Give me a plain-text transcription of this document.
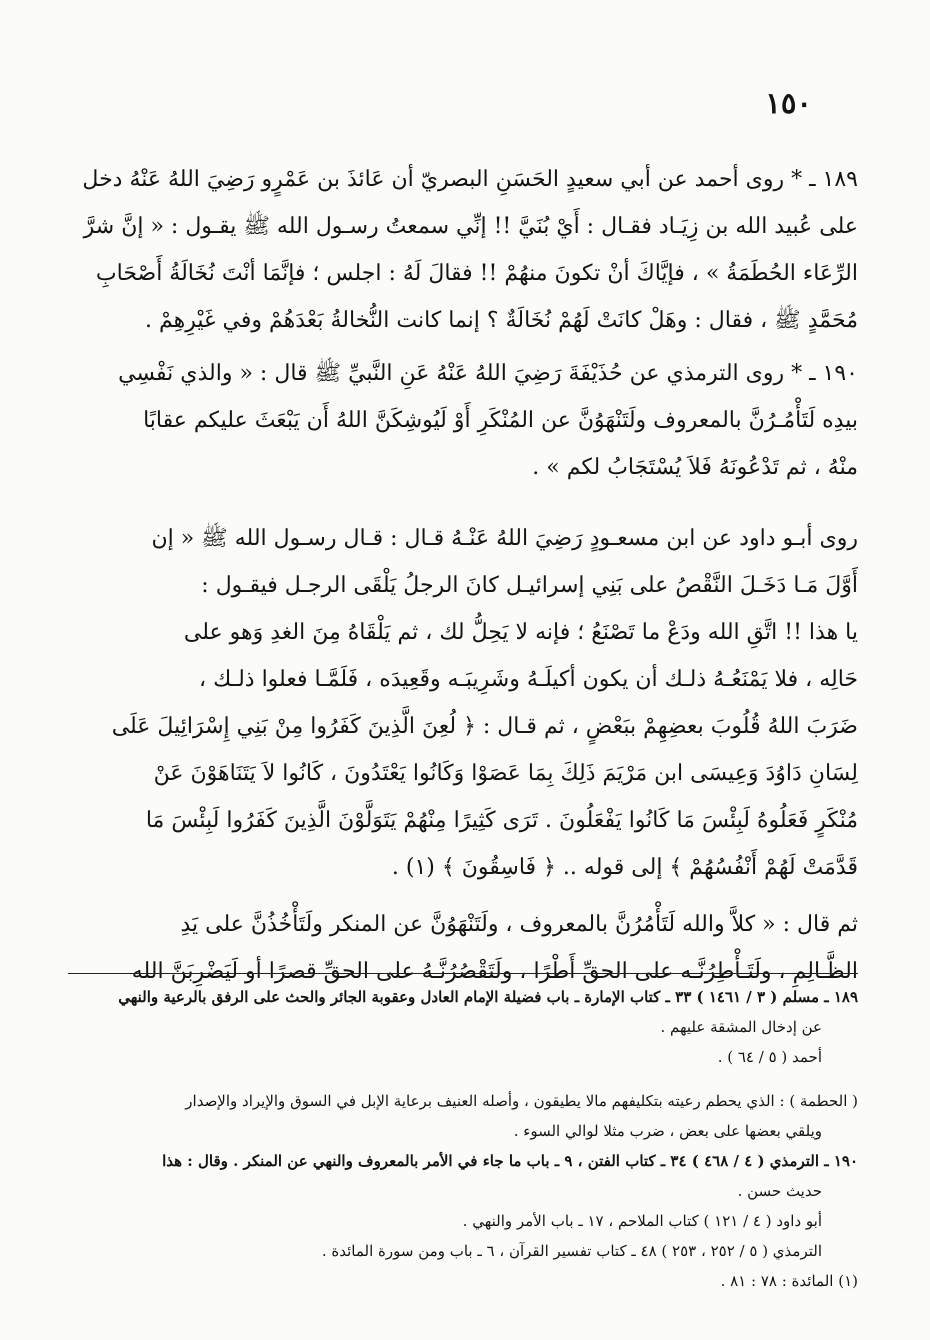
١٥٠
١٨٩ ـ * روى أحمد عن أبي سعيدٍ الحَسَنِ البصريّ أن عَائذَ بن عَمْرٍو رَضِيَ اللهُ عَنْهُ دخل
على عُبيد الله بن زِيَـاد فقـال : أَيْ بُنَيَّ !! إنِّي سمعتُ رسـول الله ﷺ يقـول : « إنَّ شرَّ
الرِّعَاء الحُطَمَةُ » ، فإيَّاكَ أنْ تكونَ منهُمْ !! فقالَ لَهُ : اجلس ؛ فإنَّمَا أنْتَ نُخَالَةُ أَصْحَابِ
مُحَمَّدٍ ﷺ ، فقال : وهَلْ كانَتْ لَهُمْ نُخَالَةٌ ؟ إنما كانت النُّخالةُ بَعْدَهُمْ وفي غَيْرِهِمْ .
١٩٠ ـ * روى الترمذي عن حُذَيْفَةَ رَضِيَ اللهُ عَنْهُ عَنِ النَّبيِّ ﷺ قال : « والذي نَفْسِي
بيدِه لَتَأْمُـرُنَّ بالمعروف ولَتَنْهَوُنَّ عن المُنْكَرِ أَوْ لَيُوشِكَنَّ اللهُ أَن يَبْعَثَ عليكم عقابًا
منْهُ ، ثم تَدْعُونَهُ فَلاَ يُسْتَجَابُ لكم » .
روى أبـو داود عن ابن مسعـودٍ رَضِيَ اللهُ عَنْـهُ قـال : قـال رسـول الله ﷺ « إن
أَوَّلَ مَـا دَخَـلَ النَّقْصُ على بَنِي إسرائيـل كانَ الرجلُ يَلْقَى الرجـل فيقـول :
يا هذا !! اتَّقِ الله ودَعْ ما تَصْنَعُ ؛ فإنه لا يَحِلُّ لك ، ثم يَلْقَاهُ مِنَ الغدِ وَهو على
حَالِه ، فلا يَمْنَعُـهُ ذلـك أن يكون أكيلَـهُ وشَرِيبَـه وقَعِيدَه ، فَلَمَّـا فعلوا ذلـك ،
ضَرَبَ اللهُ قُلُوبَ بعضِهِمْ ببَعْضٍ ، ثم قـال : ﴿ لُعِنَ الَّذِينَ كَفَرُوا مِنْ بَنِي إِسْرَائِيلَ عَلَى
لِسَانِ دَاوُدَ وَعِيسَى ابن مَرْيَمَ ذَلِكَ بِمَا عَصَوْا وَكَانُوا يَعْتَدُونَ ، كَانُوا لاَ يَتَنَاهَوْنَ عَنْ
مُنْكَرٍ فَعَلُوهُ لَبِئْسَ مَا كَانُوا يَفْعَلُونَ . تَرَى كَثِيرًا مِنْهُمْ يَتَوَلَّوْنَ الَّذِينَ كَفَرُوا لَبِئْسَ مَا
قَدَّمَتْ لَهُمْ أَنْفُسُهُمْ ﴾ إلى قوله .. ﴿ فَاسِقُونَ ﴾ (١) .
ثم قال : « كلاَّ والله لَتَأْمُرُنَّ بالمعروف ، ولَتَنْهَوُنَّ عن المنكر ولَتَأْخُذُنَّ على يَدِ
الظَّـالِمِ ، ولَتَـأْطِرُنَّـه على الحقِّ أَطْرًا ، ولَتَقْصُرُنَّـهُ على الحقِّ قصرًا أو لَيَضْرِبَنَّ الله
١٨٩ ـ مسلم ( ٣ / ١٤٦١ ) ٣٣ ـ كتاب الإمارة ـ باب فضيلة الإمام العادل وعقوبة الجائر والحث على الرفق بالرعية والنهي
عن إدخال المشقة عليهم .
أحمد ( ٥ / ٦٤ ) .
( الحطمة ) : الذي يحطم رعيته بتكليفهم مالا يطيقون ، وأصله العنيف برعاية الإبل في السوق والإيراد والإصدار
ويلقي بعضها على بعض ، ضرب مثلا لوالي السوء .
١٩٠ ـ الترمذي ( ٤ / ٤٦٨ ) ٣٤ ـ كتاب الفتن ، ٩ ـ باب ما جاء في الأمر بالمعروف والنهي عن المنكر . وقال : هذا
حديث حسن .
أبو داود ( ٤ / ١٢١ ) كتاب الملاحم ، ١٧ ـ باب الأمر والنهي .
الترمذي ( ٥ / ٢٥٢ ، ٢٥٣ ) ٤٨ ـ كتاب تفسير القرآن ، ٦ ـ باب ومن سورة المائدة .
(١) المائدة : ٧٨ : ٨١ .
